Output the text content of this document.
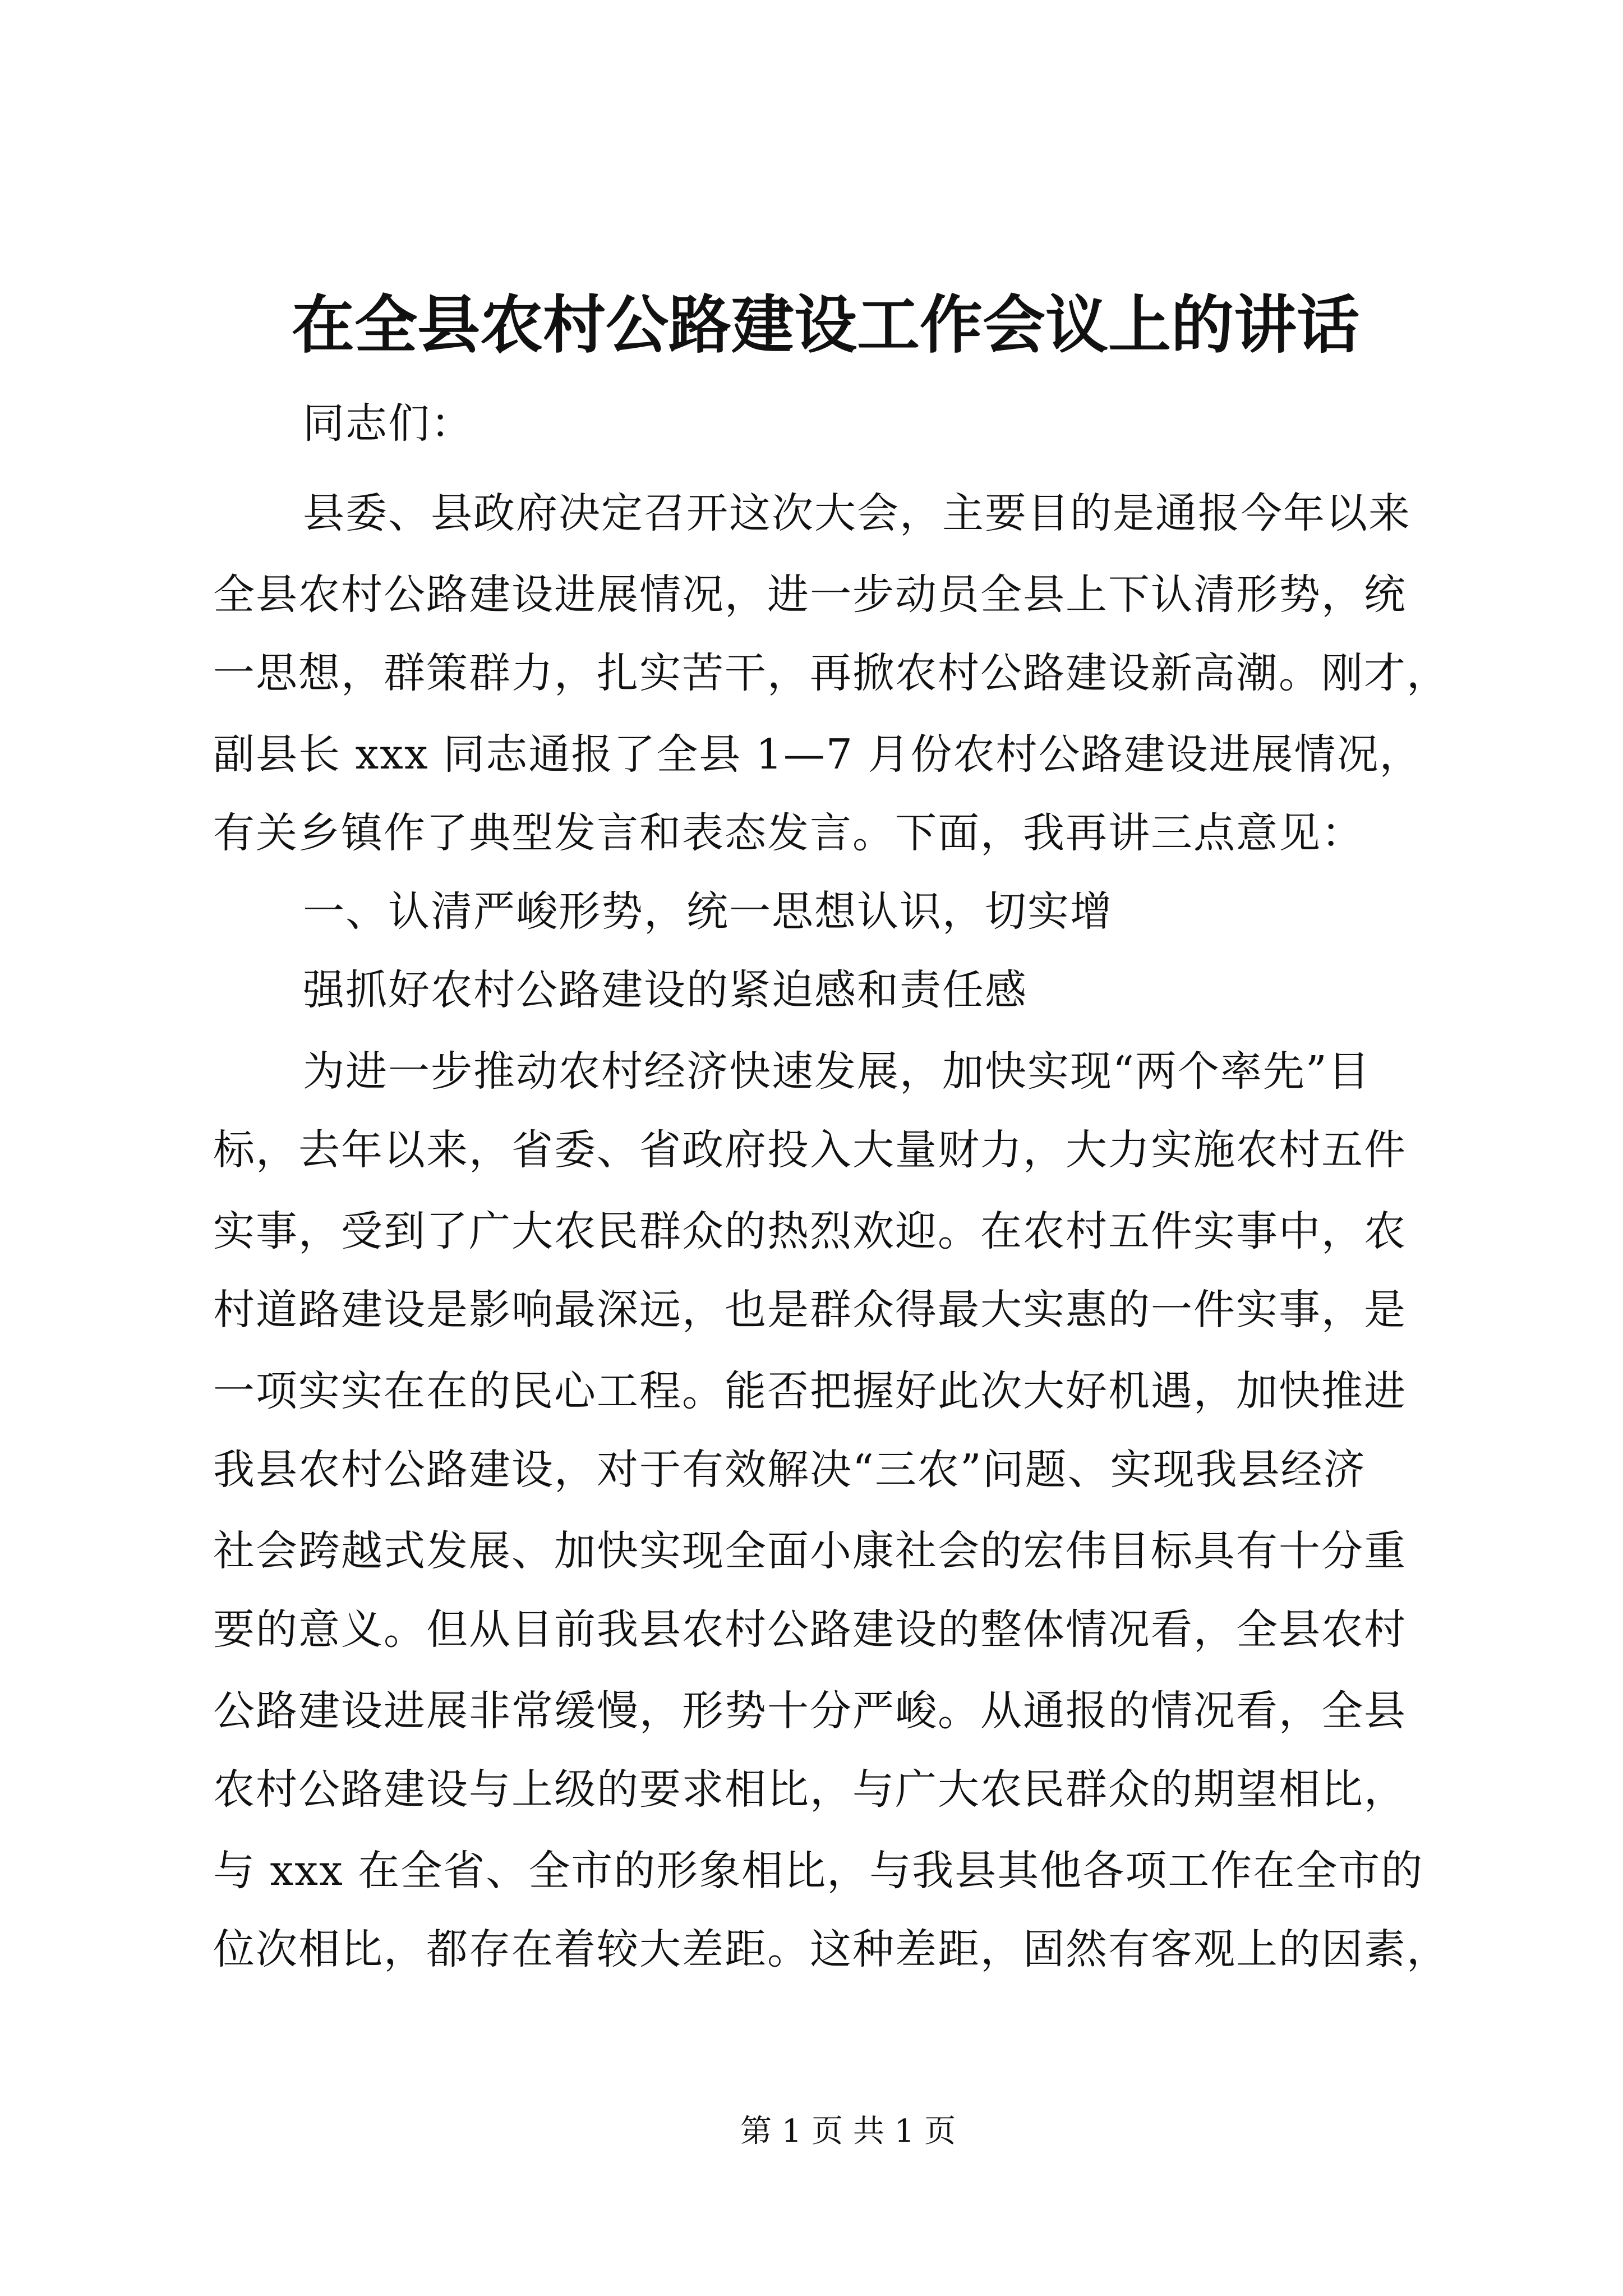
在全县农村公路建设工作会议上的讲话
同志们：
县委、县政府决定召开这次大会，主要目的是通报今年以来
全县农村公路建设进展情况，进一步动员全县上下认清形势，统
一思想，群策群力，扎实苦干，再掀农村公路建设新高潮。刚才，
副县长 xxx 同志通报了全县 1—7 月份农村公路建设进展情况，
有关乡镇作了典型发言和表态发言。下面，我再讲三点意见：
一、认清严峻形势，统一思想认识，切实增
强抓好农村公路建设的紧迫感和责任感
为进一步推动农村经济快速发展，加快实现“两个率先”目
标，去年以来，省委、省政府投入大量财力，大力实施农村五件
实事，受到了广大农民群众的热烈欢迎。在农村五件实事中，农
村道路建设是影响最深远，也是群众得最大实惠的一件实事，是
一项实实在在的民心工程。能否把握好此次大好机遇，加快推进
我县农村公路建设，对于有效解决“三农”问题、实现我县经济
社会跨越式发展、加快实现全面小康社会的宏伟目标具有十分重
要的意义。但从目前我县农村公路建设的整体情况看，全县农村
公路建设进展非常缓慢，形势十分严峻。从通报的情况看，全县
农村公路建设与上级的要求相比，与广大农民群众的期望相比，
与 xxx 在全省、全市的形象相比，与我县其他各项工作在全市的
位次相比，都存在着较大差距。这种差距，固然有客观上的因素，
第 1 页 共 1 页
